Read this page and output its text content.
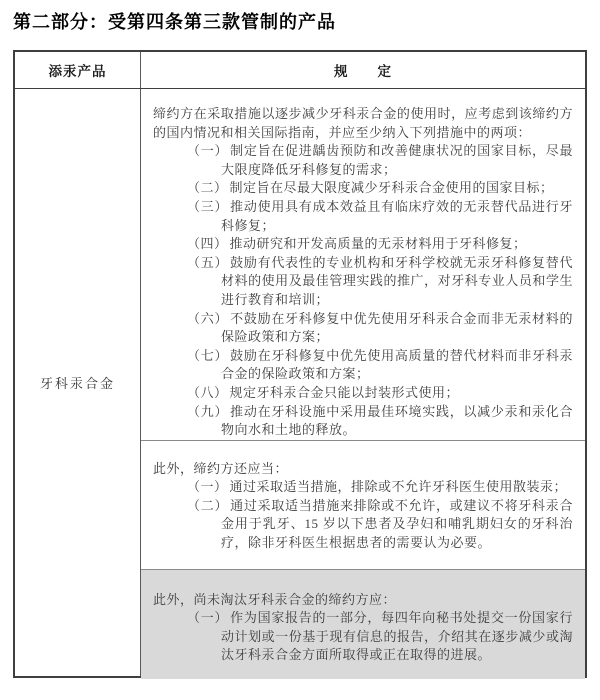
第二部分：受第四条第三款管制的产品
添汞产品	规　　定
牙科汞合金

缔约方在采取措施以逐步减少牙科汞合金的使用时，应考虑到该缔约方的国内情况和相关国际指南，并应至少纳入下列措施中的两项：

（一） 制定旨在促进龋齿预防和改善健康状况的国家目标，尽最大限度降低牙科修复的需求；
（二） 制定旨在尽最大限度减少牙科汞合金使用的国家目标；
（三） 推动使用具有成本效益且有临床疗效的无汞替代品进行牙科修复；
（四） 推动研究和开发高质量的无汞材料用于牙科修复；
（五） 鼓励有代表性的专业机构和牙科学校就无汞牙科修复替代材料的使用及最佳管理实践的推广，对牙科专业人员和学生进行教育和培训；
（六） 不鼓励在牙科修复中优先使用牙科汞合金而非无汞材料的保险政策和方案；
（七） 鼓励在牙科修复中优先使用高质量的替代材料而非牙科汞合金的保险政策和方案；
（八） 规定牙科汞合金只能以封装形式使用；
（九） 推动在牙科设施中采用最佳环境实践，以减少汞和汞化合物向水和土地的释放。

此外，缔约方还应当：

（一） 通过采取适当措施，排除或不允许牙科医生使用散装汞；
（二） 通过采取适当措施来排除或不允许，或建议不将牙科汞合金用于乳牙、15 岁以下患者及孕妇和哺乳期妇女的牙科治疗，除非牙科医生根据患者的需要认为必要。

此外，尚未淘汰牙科汞合金的缔约方应：

（一） 作为国家报告的一部分，每四年向秘书处提交一份国家行动计划或一份基于现有信息的报告，介绍其在逐步减少或淘汰牙科汞合金方面所取得或正在取得的进展。
